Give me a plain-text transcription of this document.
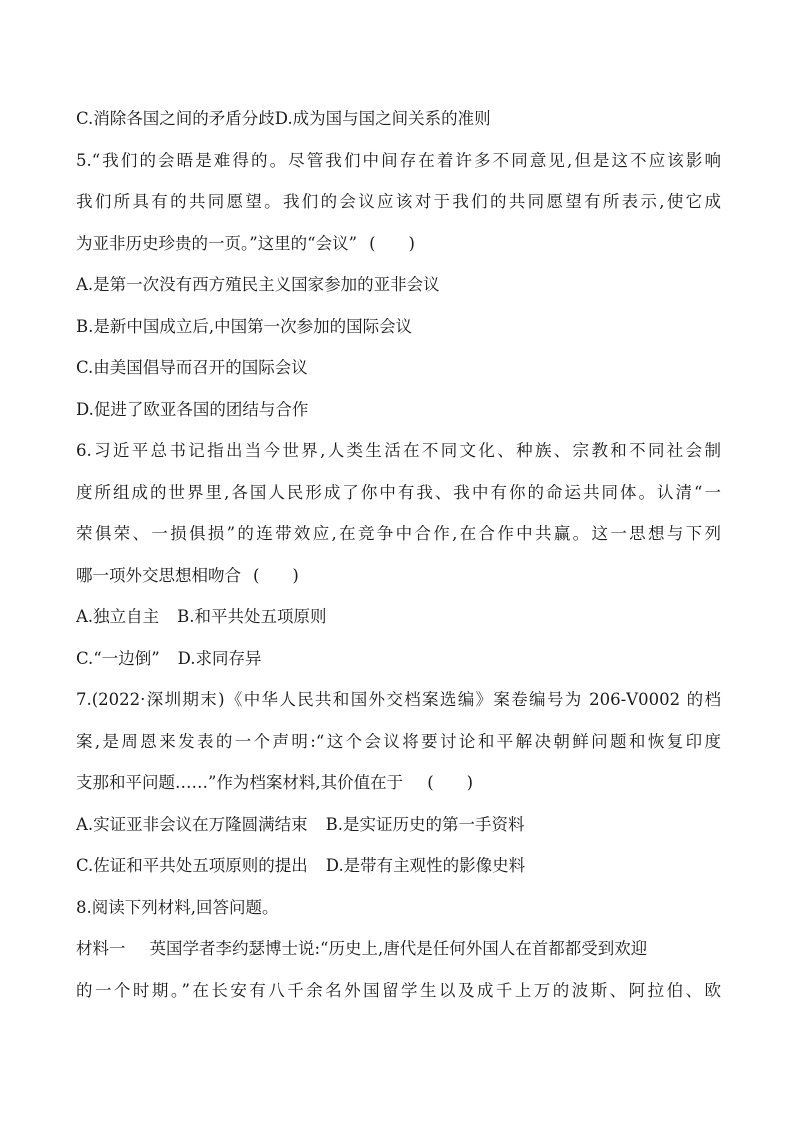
C.消除各国之间的矛盾分歧D.成为国与国之间关系的准则
5.“我们的会晤是难得的。尽管我们中间存在着许多不同意见,但是这不应该影响
我们所具有的共同愿望。我们的会议应该对于我们的共同愿望有所表示,使它成
为亚非历史珍贵的一页。”这里的“会议” (　　)
A.是第一次没有西方殖民主义国家参加的亚非会议
B.是新中国成立后,中国第一次参加的国际会议
C.由美国倡导而召开的国际会议
D.促进了欧亚各国的团结与合作
6.习近平总书记指出当今世界,人类生活在不同文化、种族、宗教和不同社会制
度所组成的世界里,各国人民形成了你中有我、我中有你的命运共同体。认清“一
荣俱荣、一损俱损”的连带效应,在竞争中合作,在合作中共赢。这一思想与下列
哪一项外交思想相吻合 (　　)
A.独立自主 B.和平共处五项原则
C.“一边倒” D.求同存异
7.(2022·深圳期末)《中华人民共和国外交档案选编》案卷编号为 206-V0002 的档
案,是周恩来发表的一个声明:“这个会议将要讨论和平解决朝鲜问题和恢复印度
支那和平问题……”作为档案材料,其价值在于 (　　)
A.实证亚非会议在万隆圆满结束 B.是实证历史的第一手资料
C.佐证和平共处五项原则的提出 D.是带有主观性的影像史料
8.阅读下列材料,回答问题。
材料一 英国学者李约瑟博士说:“历史上,唐代是任何外国人在首都都受到欢迎
的一个时期。”在长安有八千余名外国留学生以及成千上万的波斯、阿拉伯、欧
